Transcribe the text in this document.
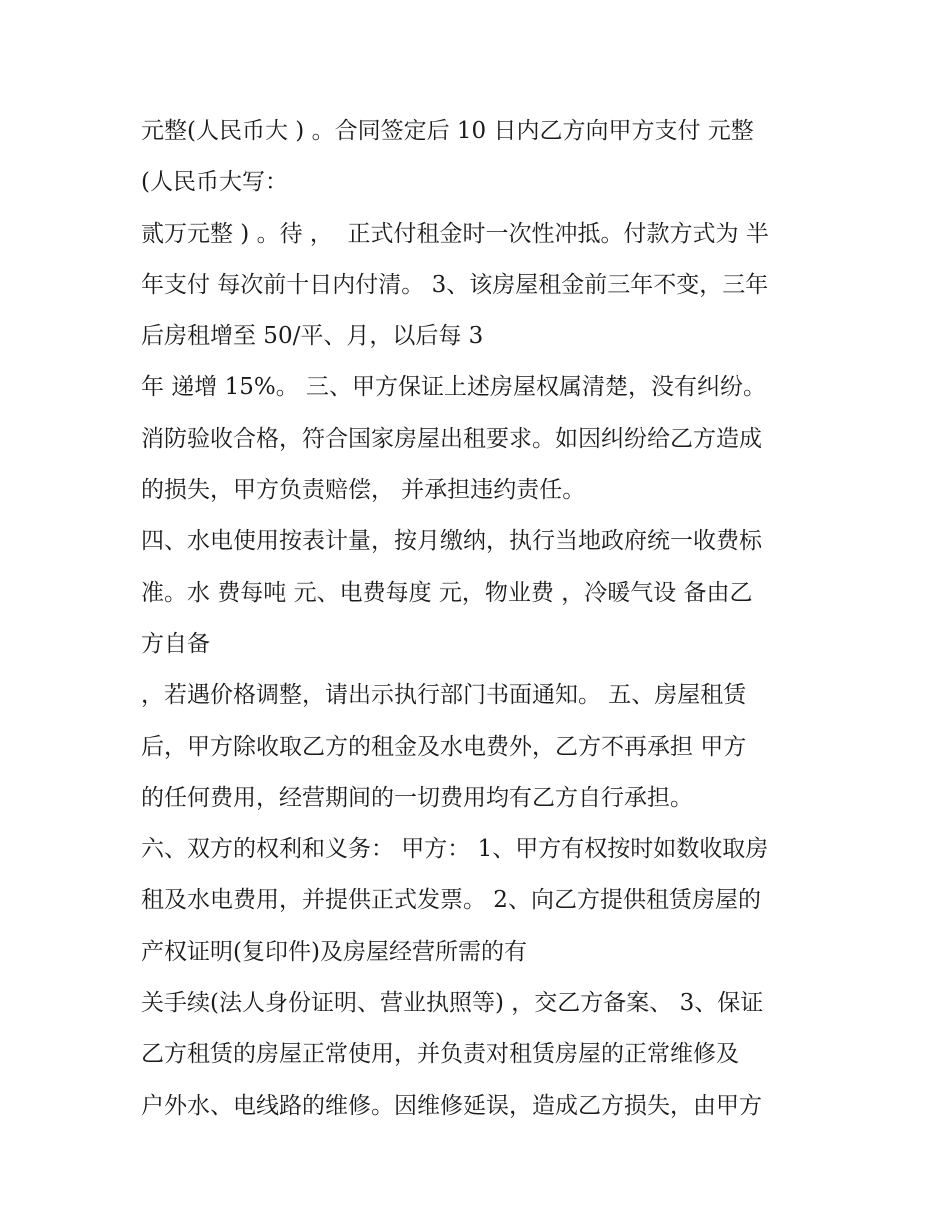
元整(人民币大 ) 。合同签定后 10 日内乙方向甲方支付 元整
(人民币大写：
贰万元整 ) 。待 ，  正式付租金时一次性冲抵。付款方式为 半
年支付 每次前十日内付清。 3、该房屋租金前三年不变，三年
后房租增至 50/平、月，以后每 3
年 递增 15%。 三、甲方保证上述房屋权属清楚，没有纠纷。
消防验收合格，符合国家房屋出租要求。如因纠纷给乙方造成
的损失，甲方负责赔偿， 并承担违约责任。
四、水电使用按表计量，按月缴纳，执行当地政府统一收费标
准。水 费每吨 元、电费每度 元，物业费 ，冷暖气设 备由乙
方自备
，若遇价格调整，请出示执行部门书面通知。 五、房屋租赁
后，甲方除收取乙方的租金及水电费外，乙方不再承担 甲方
的任何费用，经营期间的一切费用均有乙方自行承担。
六、双方的权利和义务： 甲方： 1、甲方有权按时如数收取房
租及水电费用，并提供正式发票。 2、向乙方提供租赁房屋的
产权证明(复印件)及房屋经营所需的有
关手续(法人身份证明、营业执照等) ，交乙方备案、 3、保证
乙方租赁的房屋正常使用，并负责对租赁房屋的正常维修及
户外水、电线路的维修。因维修延误，造成乙方损失，由甲方
